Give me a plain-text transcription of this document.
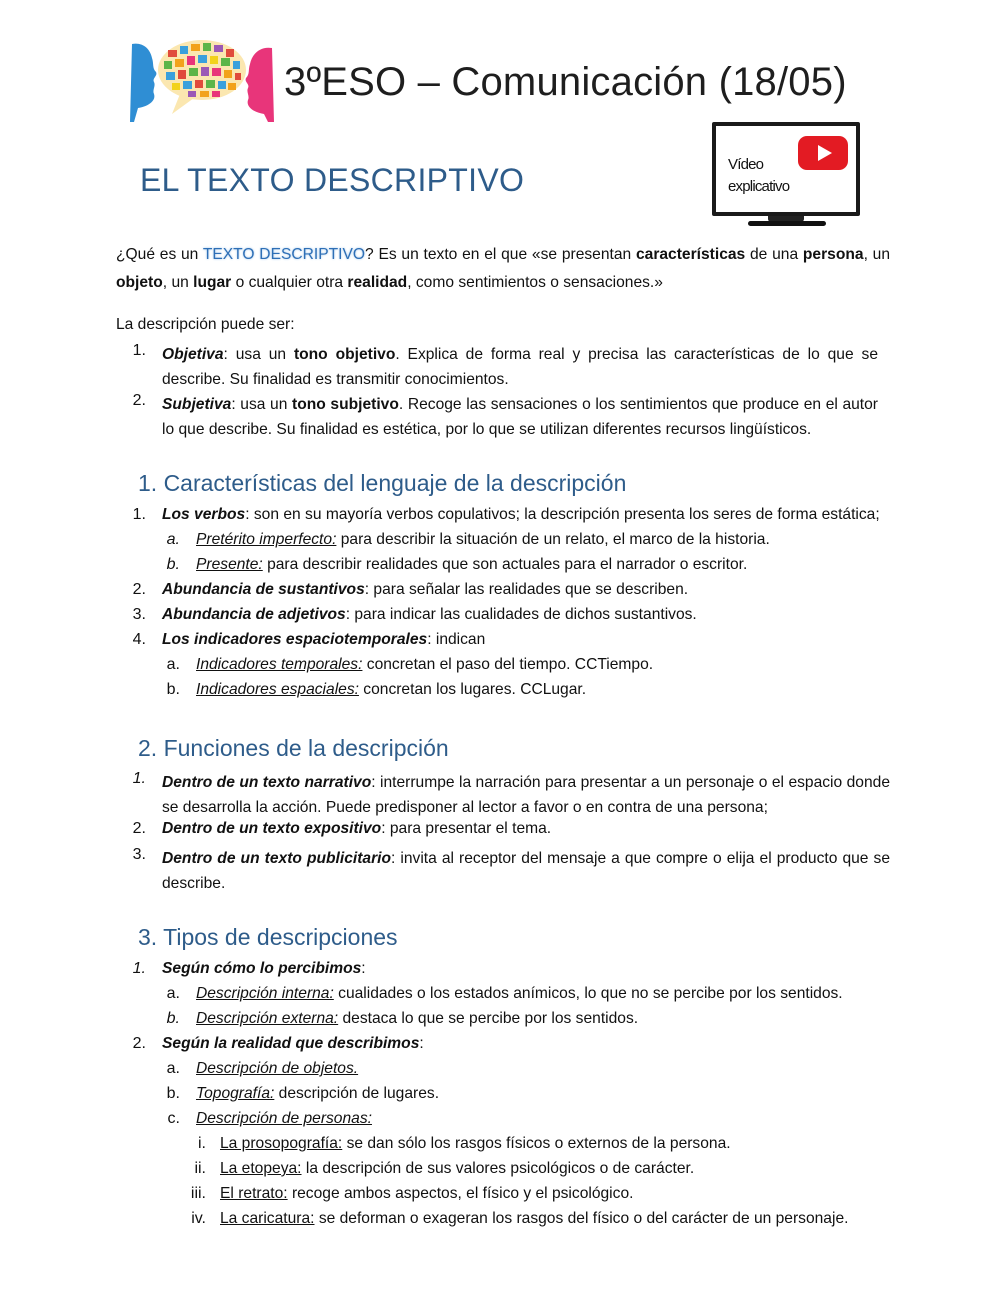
3ºESO – Comunicación (18/05)
EL TEXTO DESCRIPTIVO	Vídeo
explicativo
¿Qué es un TEXTO DESCRIPTIVO? Es un texto en el que «se presentan características de una persona, un objeto, un lugar o cualquier otra realidad, como sentimientos o sensaciones.»
La descripción puede ser:
1. Objetiva: usa un tono objetivo. Explica de forma real y precisa las características de lo que se describe. Su finalidad es transmitir conocimientos.
2. Subjetiva: usa un tono subjetivo. Recoge las sensaciones o los sentimientos que produce en el autor lo que describe. Su finalidad es estética, por lo que se utilizan diferentes recursos lingüísticos.
1. Características del lenguaje de la descripción
1. Los verbos: son en su mayoría verbos copulativos; la descripción presenta los seres de forma estática;
a. Pretérito imperfecto: para describir la situación de un relato, el marco de la historia.
b. Presente: para describir realidades que son actuales para el narrador o escritor.
2. Abundancia de sustantivos: para señalar las realidades que se describen.
3. Abundancia de adjetivos: para indicar las cualidades de dichos sustantivos.
4. Los indicadores espaciotemporales: indican
a. Indicadores temporales: concretan el paso del tiempo. CCTiempo.
b. Indicadores espaciales: concretan los lugares. CCLugar.
2. Funciones de la descripción
1. Dentro de un texto narrativo: interrumpe la narración para presentar a un personaje o el espacio donde se desarrolla la acción. Puede predisponer al lector a favor o en contra de una persona;
2. Dentro de un texto expositivo: para presentar el tema.
3. Dentro de un texto publicitario: invita al receptor del mensaje a que compre o elija el producto que se describe.
3. Tipos de descripciones
1. Según cómo lo percibimos:
a. Descripción interna: cualidades o los estados anímicos, lo que no se percibe por los sentidos.
b. Descripción externa: destaca lo que se percibe por los sentidos.
2. Según la realidad que describimos:
a. Descripción de objetos.
b. Topografía: descripción de lugares.
c. Descripción de personas:
i. La prosopografía: se dan sólo los rasgos físicos o externos de la persona.
ii. La etopeya: la descripción de sus valores psicológicos o de carácter.
iii. El retrato: recoge ambos aspectos, el físico y el psicológico.
iv. La caricatura: se deforman o exageran los rasgos del físico o del carácter de un personaje.
